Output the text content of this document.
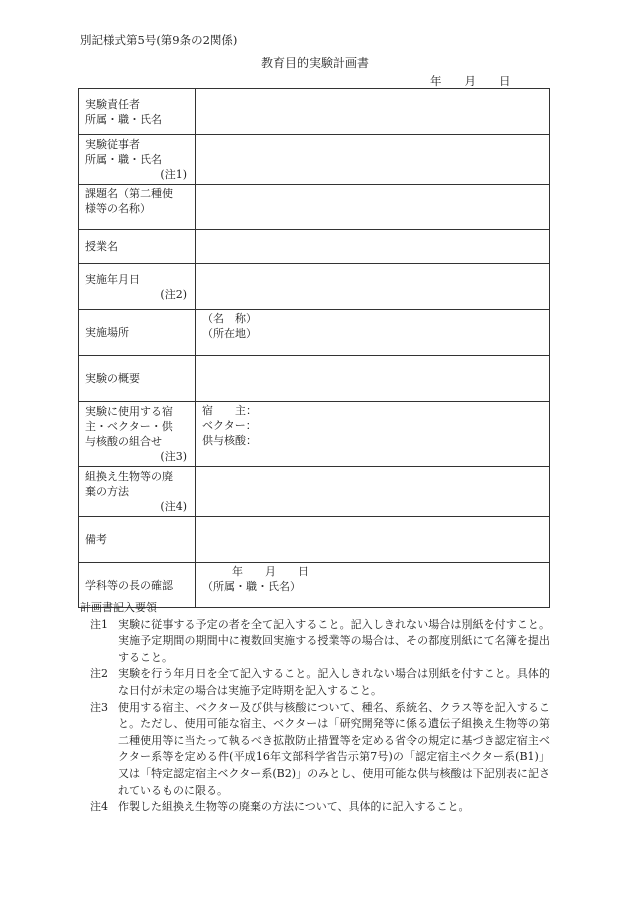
別記様式第5号(第9条の2関係)
教育目的実験計画書
年　　月　　日
実験責任者
所属・職・氏名	

実験従事者
所属・職・氏名
(注1)	

課題名（第二種使
様等の名称）	

授業名	

実施年月日
(注2)	

実施場所	（名　称）
（所在地）

実験の概要	

実験に使用する宿
主・ベクター・供
与核酸の組合せ
(注3)	宿　　主：
ベクター：
供与核酸：

組換え生物等の廃
棄の方法
(注4)	

備考	
学科等の長の確認	年　　月　　日
（所属・職・氏名）

計画書記入要領

注1 実験に従事する予定の者を全て記入すること。記入しきれない場合は別紙を付すこと。実施予定期間の期間中に複数回実施する授業等の場合は、その都度別紙にて名簿を提出すること。
注2 実験を行う年月日を全て記入すること。記入しきれない場合は別紙を付すこと。具体的な日付が未定の場合は実施予定時期を記入すること。
注3 使用する宿主、ベクター及び供与核酸について、種名、系統名、クラス等を記入すること。ただし、使用可能な宿主、ベクターは「研究開発等に係る遺伝子組換え生物等の第二種使用等に当たって執るべき拡散防止措置等を定める省令の規定に基づき認定宿主ベクター系等を定める件(平成16年文部科学省告示第7号)の「認定宿主ベクター系(B1)」又は「特定認定宿主ベクター系(B2)」のみとし、使用可能な供与核酸は下記別表に記されているものに限る。
注4 作製した組換え生物等の廃棄の方法について、具体的に記入すること。
